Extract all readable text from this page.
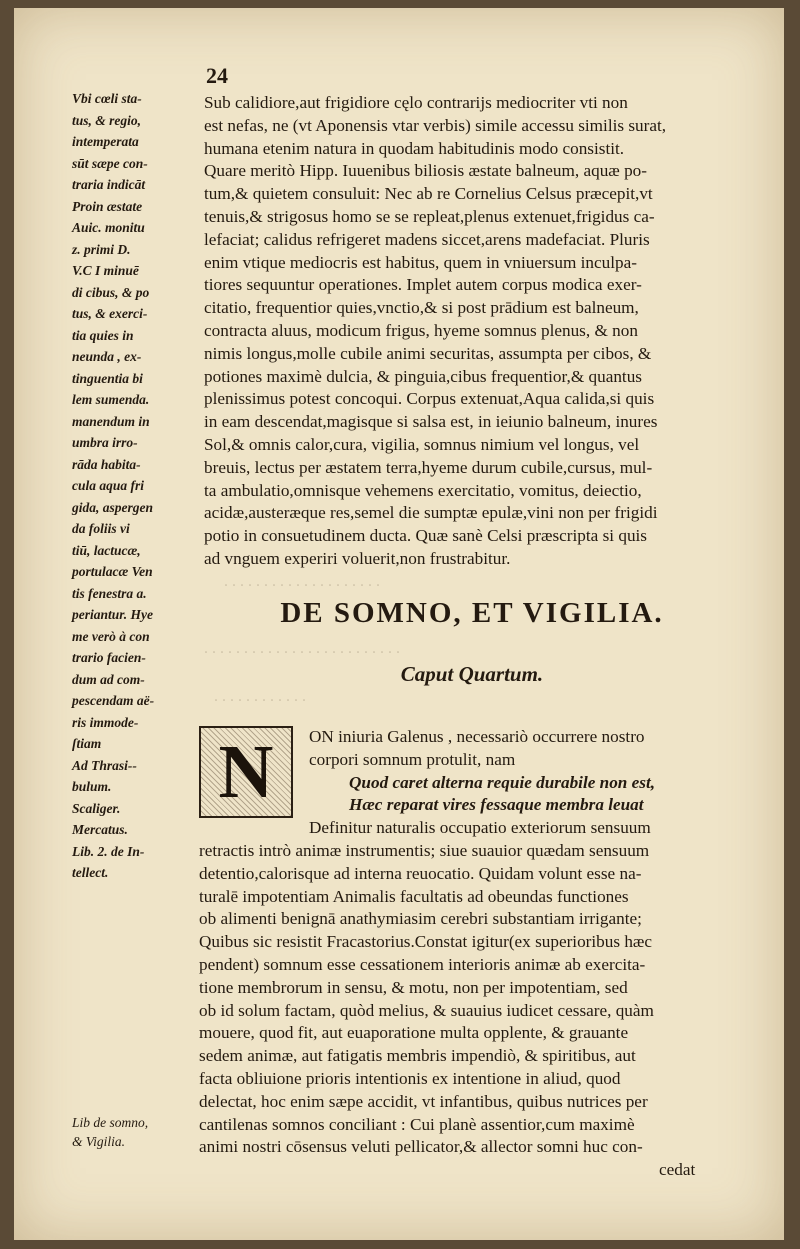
. . . . . . . . . . . . . . . . . . . .
. . . . . . . . . . . . . . . . . . . . . . . . .
. . . . . . . . . . . .
24
Vbi cœli sta-
tus, & regio,
intemperata
sūt sæpe con-
traria indicāt
Proin æstate
Auic. monitu
z. primi D.
V.C I minuē
di cibus, & po
tus, & exerci-
tia quies in
neunda , ex-
tinguentia bi
lem sumenda.
manendum in
umbra irro-
rāda habita-
cula aqua fri
gida, aspergen
da foliis vi
tiū, lactucæ,
portulacæ Ven
tis fenestra a.
periantur. Hye
me verò à con
trario facien-
dum ad com-
pescendam aë-
ris immode-
ſtiam
Ad Thrasi--
bulum.
Scaliger.
Mercatus.
Lib. 2. de In-
tellect.
Lib de somno,
& Vigilia.
Sub calidiore,aut frigidiore cęlo contrarijs mediocriter vti non
est nefas, ne (vt Aponensis vtar verbis) simile accessu similis surat,
humana etenim natura in quodam habitudinis modo consistit.
Quare meritò Hipp. Iuuenibus biliosis æstate balneum, aquæ po-
tum,& quietem consuluit: Nec ab re Cornelius Celsus præcepit,vt
tenuis,& strigosus homo se se repleat,plenus extenuet,frigidus ca-
lefaciat; calidus refrigeret madens siccet,arens madefaciat. Pluris
enim vtique mediocris est habitus, quem in vniuersum inculpa-
tiores sequuntur operationes. Implet autem corpus modica exer-
citatio, frequentior quies,vnctio,& si post prādium est balneum,
contracta aluus, modicum frigus, hyeme somnus plenus, & non
nimis longus,molle cubile animi securitas, assumpta per cibos, &
potiones maximè dulcia, & pinguia,cibus frequentior,& quantus
plenissimus potest concoqui. Corpus extenuat,Aqua calida,si quis
in eam descendat,magisque si salsa est, in ieiunio balneum, inures
Sol,& omnis calor,cura, vigilia, somnus nimium vel longus, vel
breuis, lectus per æstatem terra,hyeme durum cubile,cursus, mul-
ta ambulatio,omnisque vehemens exercitatio, vomitus, deiectio,
acidæ,austeræque res,semel die sumptæ epulæ,vini non per frigidi
potio in consuetudinem ducta. Quæ sanè Celsi præscripta si quis
ad vnguem experiri voluerit,non frustrabitur.
DE SOMNO, ET VIGILIA.
Caput Quartum.
ON iniuria Galenus , necessariò occurrere nostro
corpori somnum protulit, nam
Quod caret alterna requie durabile non est,
Hæc reparat vires fessaque membra leuat
Definitur naturalis occupatio exteriorum sensuum
retractis intrò animæ instrumentis; siue suauior quædam sensuum
detentio,calorisque ad interna reuocatio. Quidam volunt esse na-
turalē impotentiam Animalis facultatis ad obeundas functiones
ob alimenti benignā anathymiasim cerebri substantiam irrigante;
Quibus sic resistit Fracastorius.Constat igitur(ex superioribus hæc
pendent) somnum esse cessationem interioris animæ ab exercita-
tione membrorum in sensu, & motu, non per impotentiam, sed
ob id solum factam, quòd melius, & suauius iudicet cessare, quàm
mouere, quod fit, aut euaporatione multa opplente, & grauante
sedem animæ, aut fatigatis membris impendiò, & spiritibus, aut
facta obliuione prioris intentionis ex intentione in aliud, quod
delectat, hoc enim sæpe accidit, vt infantibus, quibus nutrices per
cantilenas somnos conciliant : Cui planè assentior,cum maximè
animi nostri cōsensus veluti pellicator,& allector somni huc con-
cedat
N
